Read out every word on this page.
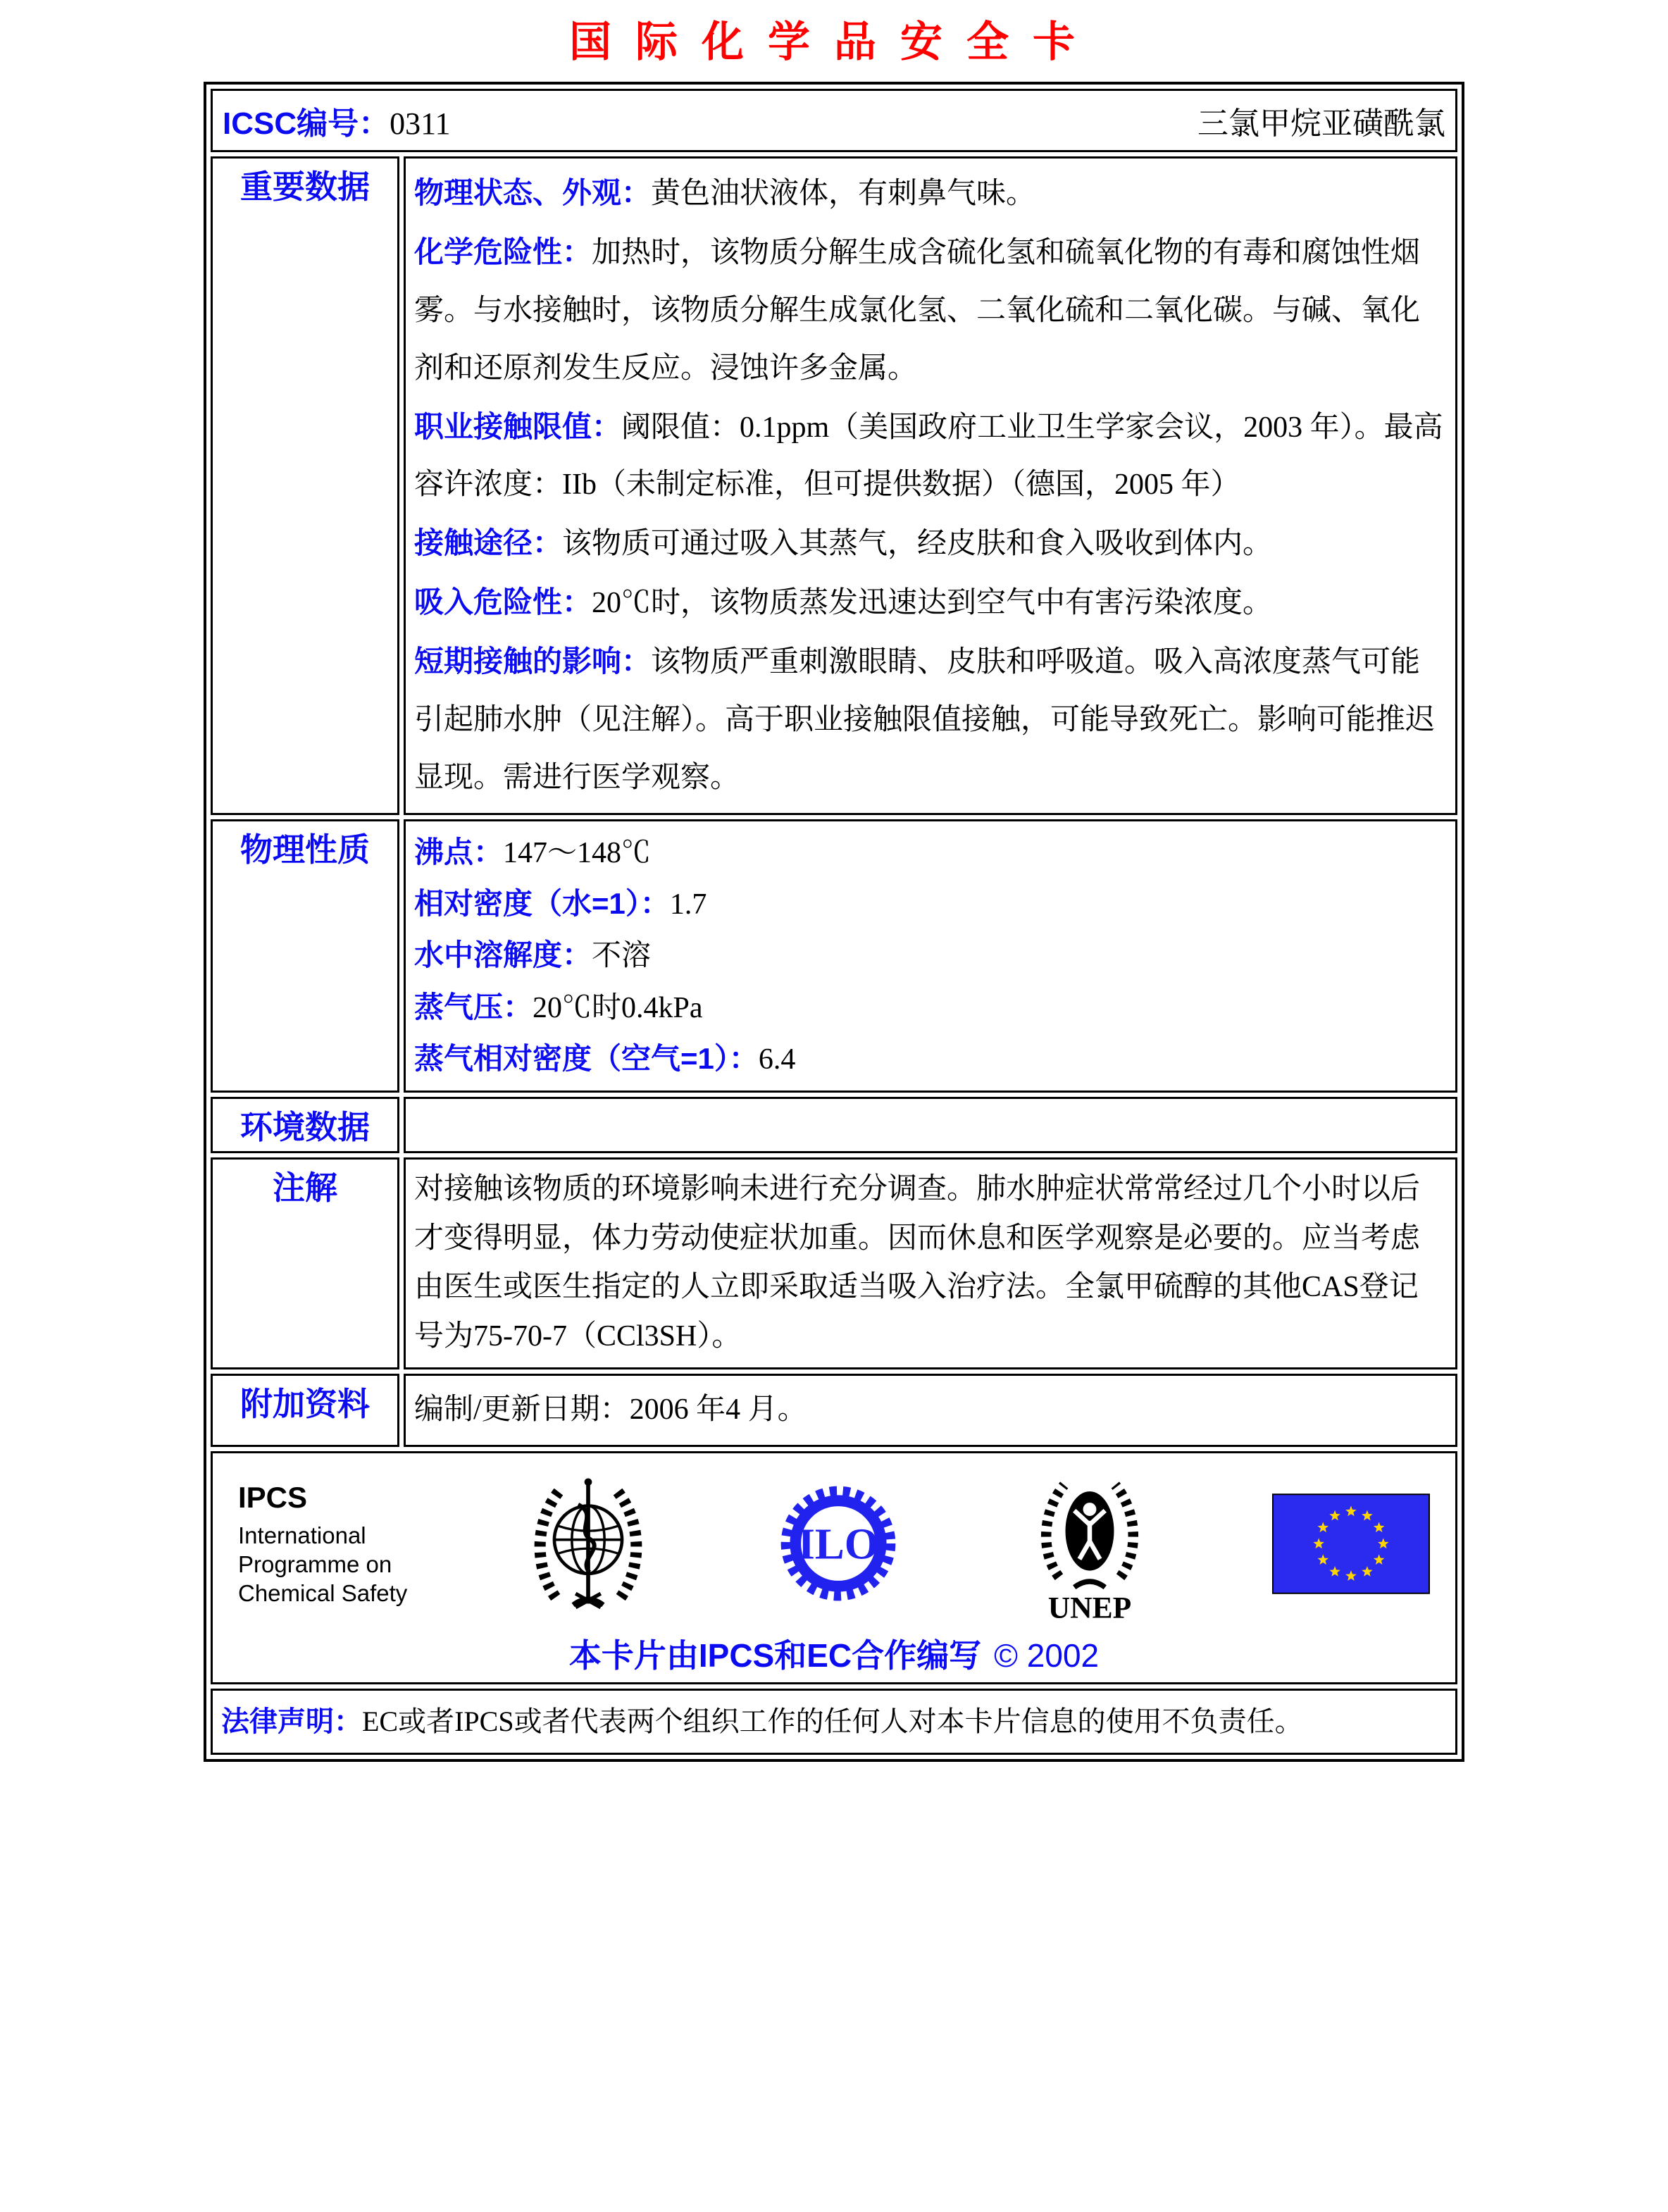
国际化学品安全卡
ICSC编号：0311 三氯甲烷亚磺酰氯	

重要数据	物理状态、外观：黄色油状液体，有刺鼻气味。

化学危险性：加热时，该物质分解生成含硫化氢和硫氧化物的有毒和腐蚀性烟雾。与水接触时，该物质分解生成氯化氢、二氧化硫和二氧化碳。与碱、氧化剂和还原剂发生反应。浸蚀许多金属。

职业接触限值：阈限值：0.1ppm（美国政府工业卫生学家会议，2003 年）。最高容许浓度：IIb（未制定标准，但可提供数据）（德国，2005 年）

接触途径：该物质可通过吸入其蒸气，经皮肤和食入吸收到体内。

吸入危险性：20℃时，该物质蒸发迅速达到空气中有害污染浓度。

短期接触的影响：该物质严重刺激眼睛、皮肤和呼吸道。吸入高浓度蒸气可能引起肺水肿（见注解）。高于职业接触限值接触，可能导致死亡。影响可能推迟显现。需进行医学观察。

物理性质	沸点：147～148℃

相对密度（水=1）：1.7

水中溶解度：不溶

蒸气压：20℃时0.4kPa

蒸气相对密度（空气=1）：6.4

环境数据	
注解	对接触该物质的环境影响未进行充分调查。肺水肿症状常常经过几个小时以后才变得明显，体力劳动使症状加重。因而休息和医学观察是必要的。应当考虑由医生或医生指定的人立即采取适当吸入治疗法。全氯甲硫醇的其他CAS登记号为75-70-7（CCl3SH）。

附加资料	编制/更新日期：2006 年4 月。

IPCS
International
Programme on
Chemical Safety
ILO
UNEP
本卡片由IPCS和EC合作编写 © 2002

法律声明：EC或者IPCS或者代表两个组织工作的任何人对本卡片信息的使用不负责任。	
